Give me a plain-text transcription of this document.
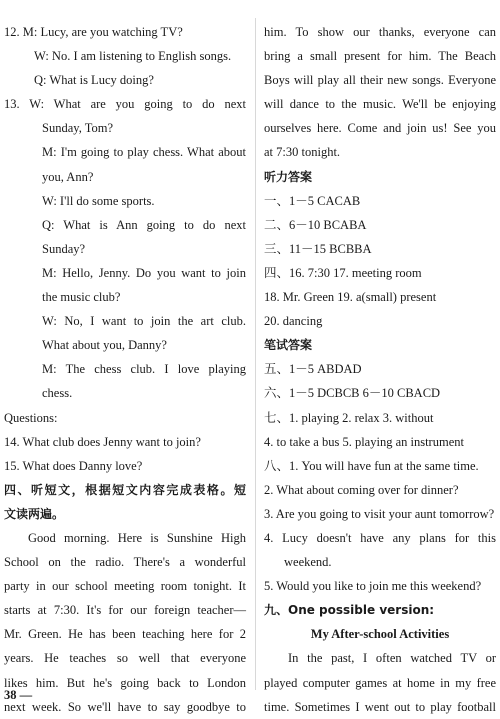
12. M: Lucy, are you watching TV?
W: No. I am listening to English songs.
Q: What is Lucy doing?
13. W: What are you going to do next
Sunday, Tom?
M: I'm going to play chess. What about
you, Ann?
W: I'll do some sports.
Q: What is Ann going to do next
Sunday?
M: Hello, Jenny. Do you want to join
the music club?
W: No, I want to join the art club.
What about you, Danny?
M: The chess club. I love playing
chess.
Questions:
14. What club does Jenny want to join?
15. What does Danny love?
四、听短文，根据短文内容完成表格。短
文读两遍。
Good morning. Here is Sunshine High
School on the radio. There's a wonderful
party in our school meeting room tonight. It
starts at 7:30. It's for our foreign teacher—
Mr. Green. He has been teaching here for 2
years. He teaches so well that everyone
likes him. But he's going back to London
next week. So we'll have to say goodbye to
him. To show our thanks, everyone can
bring a small present for him. The Beach
Boys will play all their new songs. Everyone
will dance to the music. We'll be enjoying
ourselves here. Come and join us! See you
at 7:30 tonight.
听力答案
一、1－5 CACAB
二、6－10 BCABA
三、11－15 BCBBA
四、16. 7:30 17. meeting room
18. Mr. Green 19. a(small) present
20. dancing
笔试答案
五、1－5 ABDAD
六、1－5 DCBCB 6－10 CBACD
七、1. playing 2. relax 3. without
4. to take a bus 5. playing an instrument
八、1. You will have fun at the same time.
2. What about coming over for dinner?
3. Are you going to visit your aunt tomorrow?
4. Lucy doesn't have any plans for this
weekend.
5. Would you like to join me this weekend?
九、One possible version:
My After-school Activities
In the past, I often watched TV or
played computer games at home in my free
time. Sometimes I went out to play football
38 —
